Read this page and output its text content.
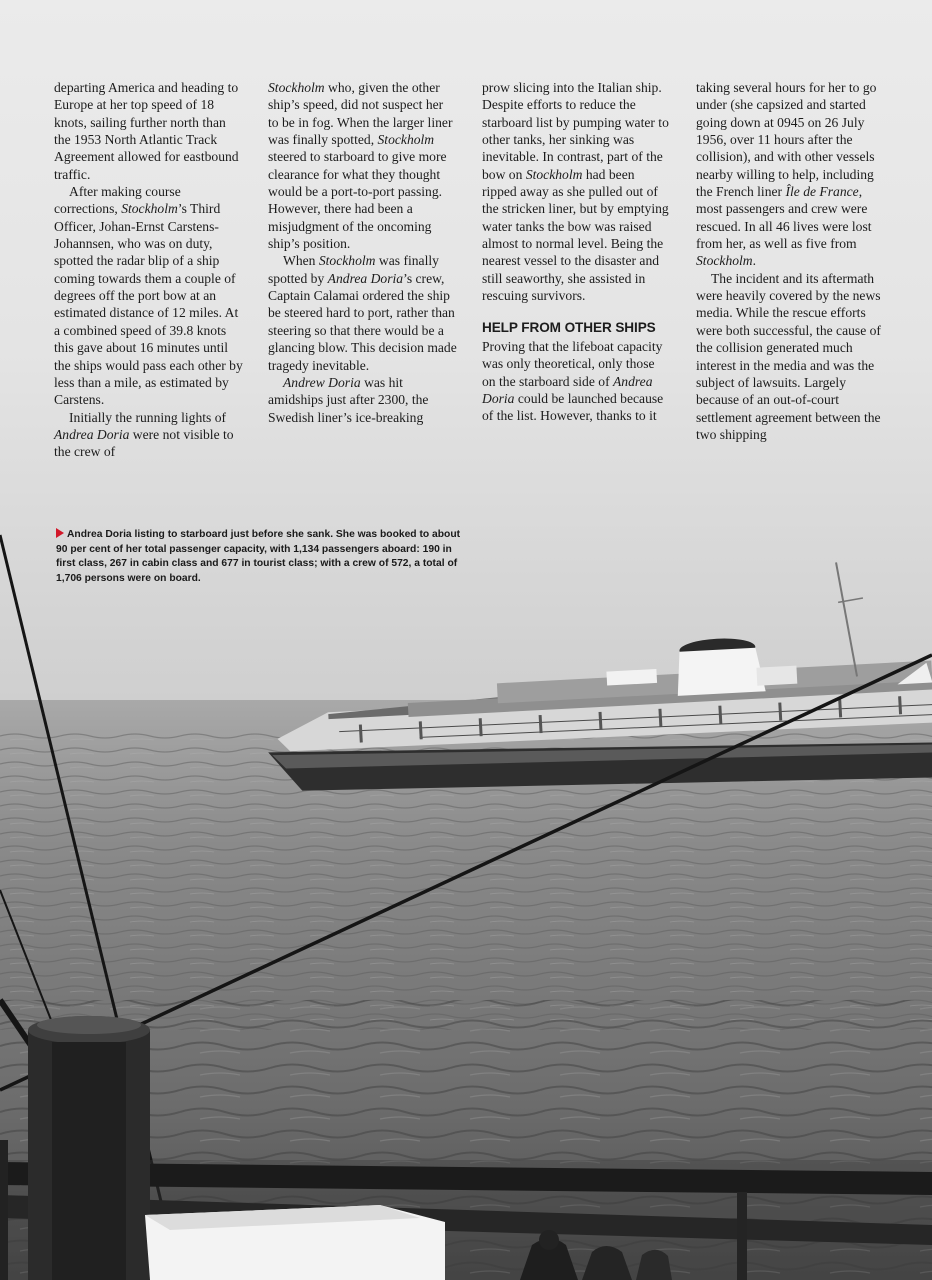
departing America and heading to Europe at her top speed of 18 knots, sailing further north than the 1953 North Atlantic Track Agreement allowed for eastbound traffic.

After making course corrections, Stockholm’s Third Officer, Johan-Ernst Carstens-Johannsen, who was on duty, spotted the radar blip of a ship coming towards them a couple of degrees off the port bow at an estimated distance of 12 miles. At a combined speed of 39.8 knots this gave about 16 minutes until the ships would pass each other by less than a mile, as estimated by Carstens.

Initially the running lights of Andrea Doria were not visible to the crew of

Stockholm who, given the other ship’s speed, did not suspect her to be in fog. When the larger liner was finally spotted, Stockholm steered to starboard to give more clearance for what they thought would be a port-to-port passing. However, there had been a misjudgment of the oncoming ship’s position.

When Stockholm was finally spotted by Andrea Doria’s crew, Captain Calamai ordered the ship be steered hard to port, rather than steering so that there would be a glancing blow. This decision made tragedy inevitable.

Andrew Doria was hit amidships just after 2300, the Swedish liner’s ice-breaking

prow slicing into the Italian ship. Despite efforts to reduce the starboard list by pumping water to other tanks, her sinking was inevitable. In contrast, part of the bow on Stockholm had been ripped away as she pulled out of the stricken liner, but by emptying water tanks the bow was raised almost to normal level. Being the nearest vessel to the disaster and still seaworthy, she assisted in rescuing survivors.

HELP FROM OTHER SHIPS

Proving that the lifeboat capacity was only theoretical, only those on the starboard side of Andrea Doria could be launched because of the list. However, thanks to it

taking several hours for her to go under (she capsized and started going down at 0945 on 26 July 1956, over 11 hours after the collision), and with other vessels nearby willing to help, including the French liner Île de France, most passengers and crew were rescued. In all 46 lives were lost from her, as well as five from Stockholm.

The incident and its aftermath were heavily covered by the news media. While the rescue efforts were both successful, the cause of the collision generated much interest in the media and was the subject of lawsuits. Largely because of an out-of-court settlement agreement between the two shipping

Andrea Doria listing to starboard just before she sank. She was booked to about 90 per cent of her total passenger capacity, with 1,134 passengers aboard: 190 in first class, 267 in cabin class and 677 in tourist class; with a crew of 572, a total of 1,706 persons were on board.
